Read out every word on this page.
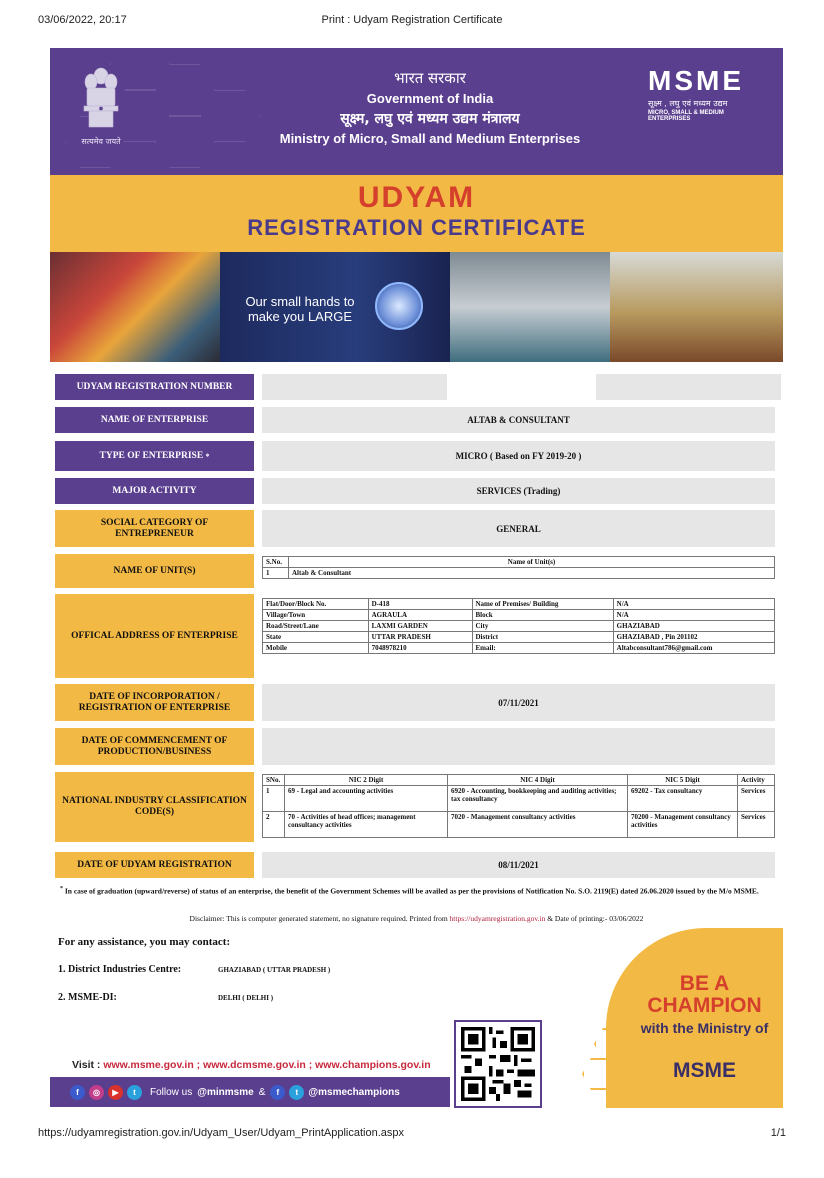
03/06/2022, 20:17	Print : Udyam Registration Certificate
सत्यमेव जयते
भारत सरकार
Government of India
सूक्ष्म, लघु एवं मध्यम उद्यम मंत्रालय
Ministry of Micro, Small and Medium Enterprises
MSME
सूक्ष्म , लघु एवं मध्यम उद्यम
MICRO, SMALL & MEDIUM ENTERPRISES
UDYAM
REGISTRATION CERTIFICATE
Our small hands to make you LARGE
UDYAM REGISTRATION NUMBER
NAME OF ENTERPRISE	ALTAB & CONSULTANT
TYPE OF ENTERPRISE
*	MICRO ( Based on FY 2019-20 )
MAJOR ACTIVITY	SERVICES (Trading)
SOCIAL CATEGORY OF ENTREPRENEUR	GENERAL
NAME OF UNIT(S)
S.No.	Name of Unit(s)
1	Altab & Consultant
OFFICAL ADDRESS OF ENTERPRISE
Flat/Door/Block No.	D-418	Name of Premises/ Building	N/A
Village/Town	AGRAULA	Block	N/A
Road/Street/Lane	LAXMI GARDEN	City	GHAZIABAD
State	UTTAR PRADESH	District	GHAZIABAD , Pin 201102
Mobile	7048978210	Email:	Altabconsultant786@gmail.com
DATE OF INCORPORATION / REGISTRATION OF ENTERPRISE	07/11/2021
DATE OF COMMENCEMENT OF PRODUCTION/BUSINESS
NATIONAL INDUSTRY CLASSIFICATION CODE(S)
SNo.	NIC 2 Digit	NIC 4 Digit	NIC 5 Digit	Activity
1	69 - Legal and accounting activities	6920 - Accounting, bookkeeping and auditing activities; tax consultancy	69202 - Tax consultancy	Services
2	70 - Activities of head offices; management consultancy activities	7020 - Management consultancy activities	70200 - Management consultancy activities	Services
DATE OF UDYAM REGISTRATION	08/11/2021
* In case of graduation (upward/reverse) of status of an enterprise, the benefit of the Government Schemes will be availed as per the provisions of Notification No. S.O. 2119(E) dated 26.06.2020 issued by the M/o MSME.
Disclaimer: This is computer generated statement, no signature required. Printed from https://udyamregistration.gov.in & Date of printing:- 03/06/2022
For any assistance, you may contact:
1. District Industries Centre:	GHAZIABAD ( UTTAR PRADESH )
2. MSME-DI:	DELHI ( DELHI )
BE A CHAMPION
with the Ministry of
MSME
Visit : www.msme.gov.in ; www.dcmsme.gov.in ; www.champions.gov.in
f	◎	▶	t	Follow us @minmsme &	f	t	@msmechampions
https://udyamregistration.gov.in/Udyam_User/Udyam_PrintApplication.aspx	1/1
